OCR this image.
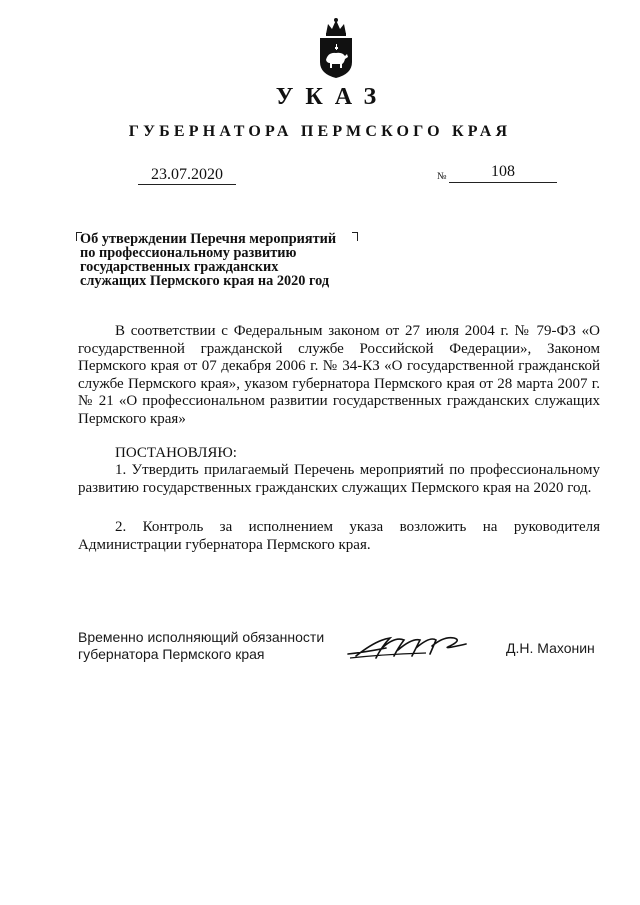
УКАЗ
ГУБЕРНАТОРА ПЕРМСКОГО КРАЯ
23.07.2020	№	108
Об утверждении Перечня мероприятий
по профессиональному развитию
государственных гражданских
служащих Пермского края на 2020 год
В соответствии с Федеральным законом от 27 июля 2004 г. № 79-ФЗ «О государственной гражданской службе Российской Федерации», Законом Пермского края от 07 декабря 2006 г. № 34-КЗ «О государственной гражданской службе Пермского края», указом губернатора Пермского края от 28 марта 2007 г. № 21 «О профессиональном развитии государственных гражданских служащих Пермского края»
ПОСТАНОВЛЯЮ:
1. Утвердить прилагаемый Перечень мероприятий по профессиональному развитию государственных гражданских служащих Пермского края на 2020 год.
2. Контроль за исполнением указа возложить на руководителя Администрации губернатора Пермского края.
Временно исполняющий обязанности
губернатора Пермского края	Д.Н. Махонин
